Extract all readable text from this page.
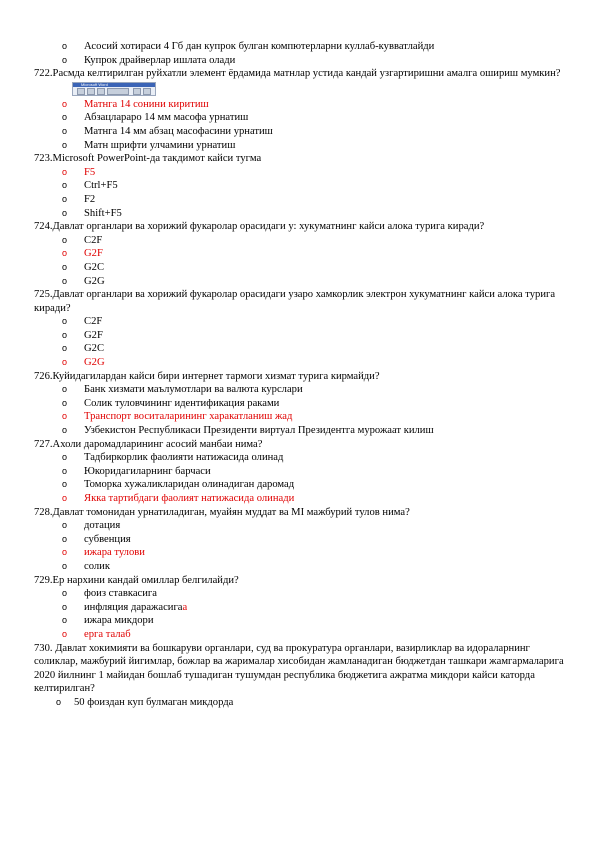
o Асосий хотираси 4 Гб дан купрок булган компютерларни куллаб-кувватлайди
o Купрок драйверлар ишлата олади
722.Расмда келтирилган руйхатли элемент ёрдамида матнлар устида кандай узгартиришни амалга ошириш мумкин?
Microsoft Word
o Матнга 14 сонини киритиш
o Абзацлараро 14 мм масофа урнатиш
o Матнга 14 мм абзац масофасини урнатиш
o Матн шрифти улчамини урнатиш
723.Microsoft PowerPoint-да такдимот кайси тугма
o F5
o Ctrl+F5
o F2
o Shift+F5
724.Давлат органлари ва хорижий фукаролар орасидаги у: хукуматнинг кайси алока турига киради?
o C2F
o G2F
o G2C
o G2G
725.Давлат органлари ва хорижий фукаролар орасидаги узаро хамкорлик электрон хукуматнинг кайси алока турига киради?
o C2F
o G2F
o G2C
o G2G
726.Куйидагилардан кайси бири интернет тармоги хизмат турига кирмайди?
o Банк хизмати маълумотлари ва валюта курслари
o Солик туловчининг идентификация раками
o Транспорт воситаларининг харакатланиш жад
o Узбекистон Республикаси Президенти виртуал Президентга мурожаат килиш
727.Ахоли даромадларининг асосий манбаи нима?
o Тадбиркорлик фаолияти натижасида олинад
o Юкоридагиларнинг барчаси
o Томорка хужаликларидан олинадиган даромад
o Якка тартибдаги фаолият натижасида олинади
728.Давлат томонидан урнатиладиган, муайян муддат ва МI мажбурий тулов нима?
o дотация
o субвенция
o ижара тулови
o солик
729.Ер нархини кандай омиллар белгилайди?
o фоиз ставкасига
o инфляция даражасигаa
o ижара микдори
o ерга талаб
730. Давлат хокимияти ва бошкаруви органлари, суд ва прокуратура органлари, вазирликлар ва идораларнинг соликлар, мажбурий йигимлар, божлар ва жарималар хисобидан жамланадиган бюджетдан ташкари жамгармаларига 2020 йилнинг 1 майидан бошлаб тушадиган тушумдан республика бюджетига ажратма микдори кайси каторда келтирилган?
o 50 фоиздан куп булмаган микдорда
